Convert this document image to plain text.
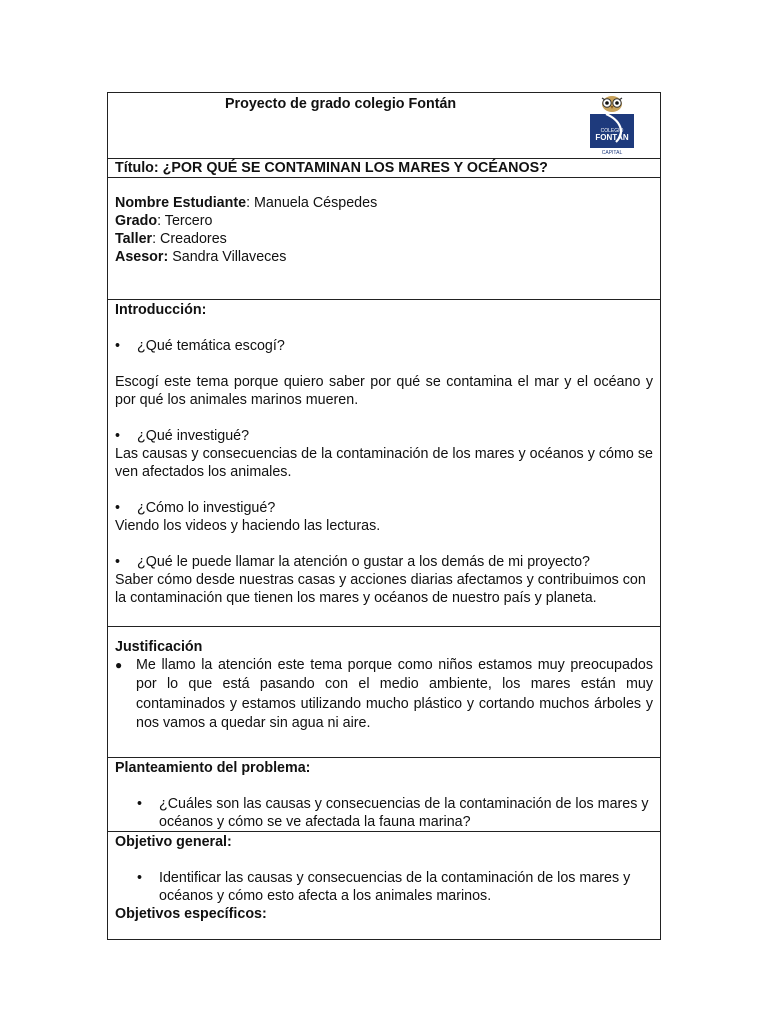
Proyecto de grado colegio Fontán
COLEGIO
FONTÁN
CAPITAL

Título: ¿POR QUÉ SE CONTAMINAN LOS MARES Y OCÉANOS?

Nombre Estudiante: Manuela Céspedes

Grado: Tercero

Taller: Creadores

Asesor: Sandra Villaveces

Introducción:

•	¿Qué temática escogí?

Escogí este tema porque quiero saber por qué se contamina el mar y el océano y por qué los animales marinos mueren.

•	¿Qué investigué?

Las causas y consecuencias de la contaminación de los mares y océanos y cómo se ven afectados los animales.

•	¿Cómo lo investigué?

Viendo los videos y haciendo las lecturas.

•	¿Qué le puede llamar la atención o gustar a los demás de mi proyecto?

Saber cómo desde nuestras casas y acciones diarias afectamos y contribuimos con la contaminación que tienen los mares y océanos de nuestro país y planeta.

Justificación

● Me llamo la atención este tema porque como niños estamos muy preocupados por lo que está pasando con el medio ambiente, los mares están muy contaminados y estamos utilizando mucho plástico y cortando muchos árboles y nos vamos a quedar sin agua ni aire.

Planteamiento del problema:

•	¿Cuáles son las causas y consecuencias de la contaminación de los mares y océanos y cómo se ve afectada la fauna marina?

Objetivo general:

•	Identificar las causas y consecuencias de la contaminación de los mares y océanos y cómo esto afecta a los animales marinos.

Objetivos específicos:
